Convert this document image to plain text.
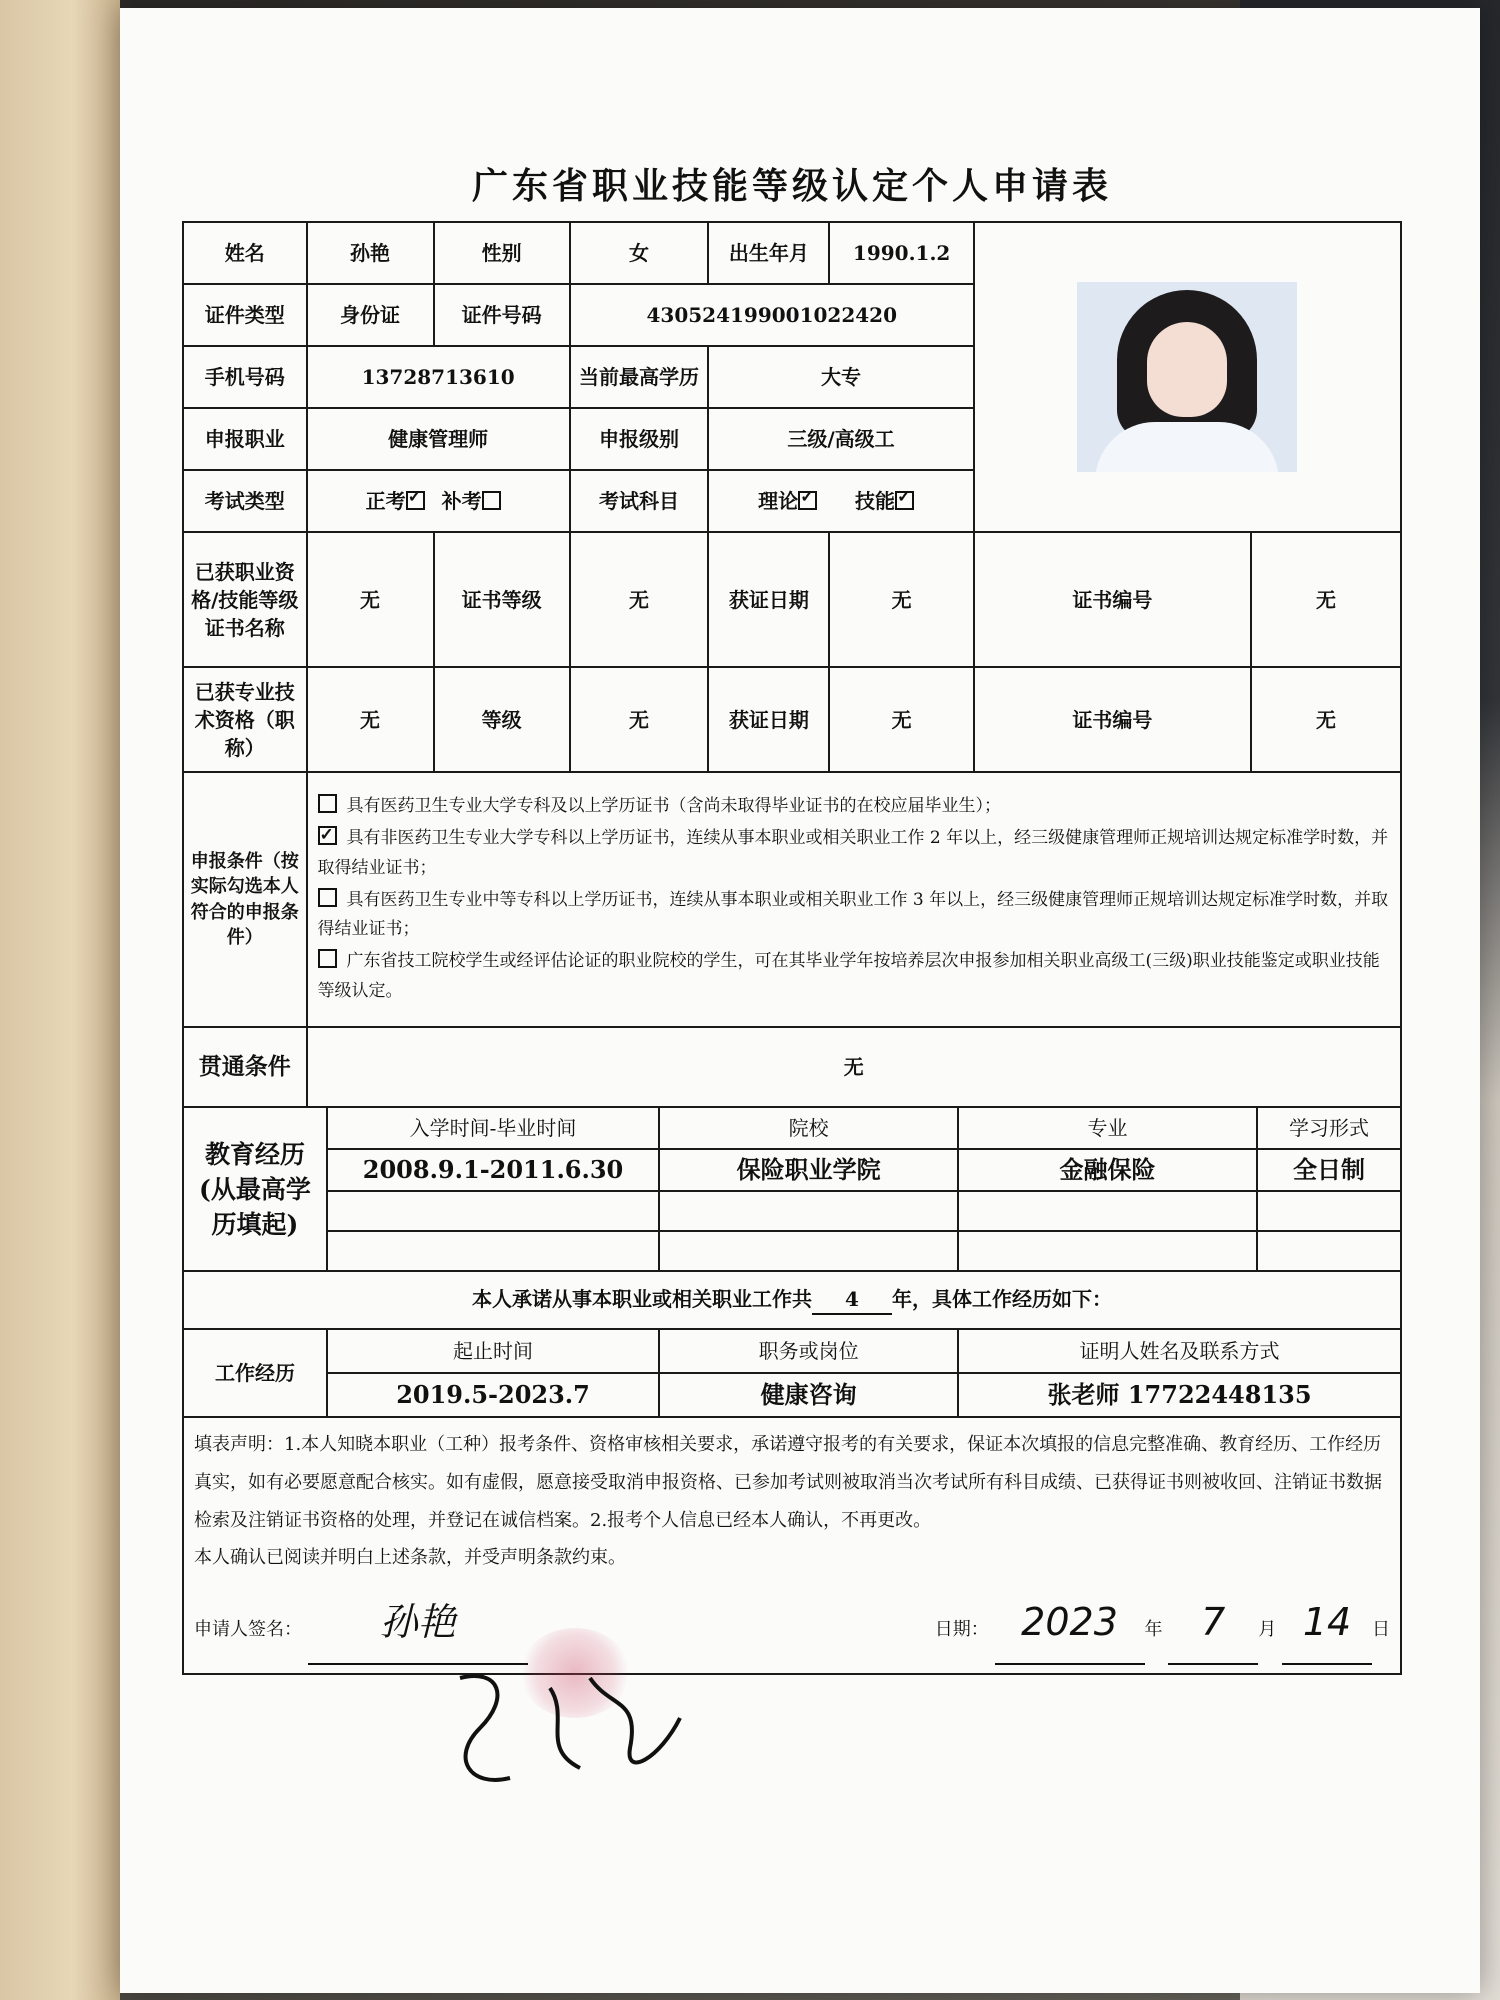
广东省职业技能等级认定个人申请表
姓名	孙艳	性别	女	出生年月	1990.1.2		

证件类型	身份证	证件号码	430524199001022420				
手机号码	13728713610		当前最高学历	大专			
申报职业	健康管理师		申报级别	三级/高级工			
考试类型	正考 ✓ 补考		考试科目	理论 ✓ 技能✓
已获职业资格/技能等级证书名称	无	证书等级	无	获证日期	无	证书编号	无
已获专业技术资格（职称）	无	等级	无	获证日期	无	证书编号	无
申报条件（按实际勾选本人符合的申报条件）	具有医药卫生专业大学专科及以上学历证书（含尚未取得毕业证书的在校应届毕业生）；
✓具有非医药卫生专业大学专科以上学历证书，连续从事本职业或相关职业工作 2 年以上，经三级健康管理师正规培训达规定标准学时数，并取得结业证书；
具有医药卫生专业中等专科以上学历证书，连续从事本职业或相关职业工作 3 年以上，经三级健康管理师正规培训达规定标准学时数，并取得结业证书；
广东省技工院校学生或经评估论证的职业院校的学生，可在其毕业学年按培养层次申报参加相关职业高级工(三级)职业技能鉴定或职业技能等级认定。

贯通条件	无						
教育经历(从最高学历填起)	入学时间-毕业时间	院校	专业	学习形式
	2008.9.1-2011.6.30	保险职业学院	金融保险	全日制

本人承诺从事本职业或相关职业工作共 4 年，具体工作经历如下：				
工作经历	起止时间	职务或岗位	证明人姓名及联系方式
	2019.5-2023.7	健康咨询	张老师 17722448135

填表声明：1.本人知晓本职业（工种）报考条件、资格审核相关要求，承诺遵守报考的有关要求，保证本次填报的信息完整准确、教育经历、工作经历真实，如有必要愿意配合核实。如有虚假，愿意接受取消申报资格、已参加考试则被取消当次考试所有科目成绩、已获得证书则被收回、注销证书数据检索及注销证书资格的处理，并登记在诚信档案。2.报考个人信息已经本人确认，不再更改。
本人确认已阅读并明白上述条款，并受声明条款约束。
申请人签名： 孙艳 日期： 2023 年 7 月 14 日			
